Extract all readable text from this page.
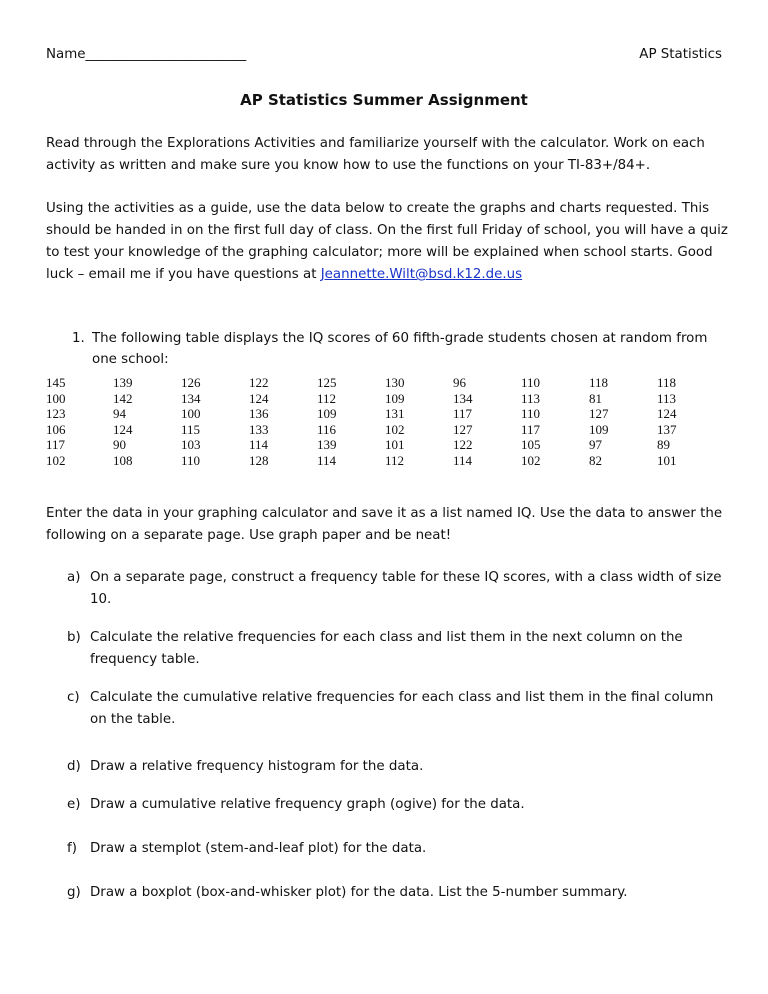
Name________________________	AP Statistics
AP Statistics Summer Assignment

Read through the Explorations Activities and familiarize yourself with the calculator. Work on each activity as written and make sure you know how to use the functions on your TI-83+/84+.

Using the activities as a guide, use the data below to create the graphs and charts requested. This should be handed in on the first full day of class. On the first full Friday of school, you will have a quiz to test your knowledge of the graphing calculator; more will be explained when school starts. Good luck – email me if you have questions at Jeannette.Wilt@bsd.k12.de.us

1. The following table displays the IQ scores of 60 fifth-grade students chosen at random from one school:
145	139	126	122	125	130	96	110	118	118
100	142	134	124	112	109	134	113	81	113
123	94	100	136	109	131	117	110	127	124
106	124	115	133	116	102	127	117	109	137
117	90	103	114	139	101	122	105	97	89
102	108	110	128	114	112	114	102	82	101

Enter the data in your graphing calculator and save it as a list named IQ. Use the data to answer the following on a separate page. Use graph paper and be neat!

a) On a separate page, construct a frequency table for these IQ scores, with a class width of size 10.
b) Calculate the relative frequencies for each class and list them in the next column on the frequency table.
c) Calculate the cumulative relative frequencies for each class and list them in the final column on the table.
d) Draw a relative frequency histogram for the data.
e) Draw a cumulative relative frequency graph (ogive) for the data.
f) Draw a stemplot (stem-and-leaf plot) for the data.
g) Draw a boxplot (box-and-whisker plot) for the data. List the 5-number summary.
